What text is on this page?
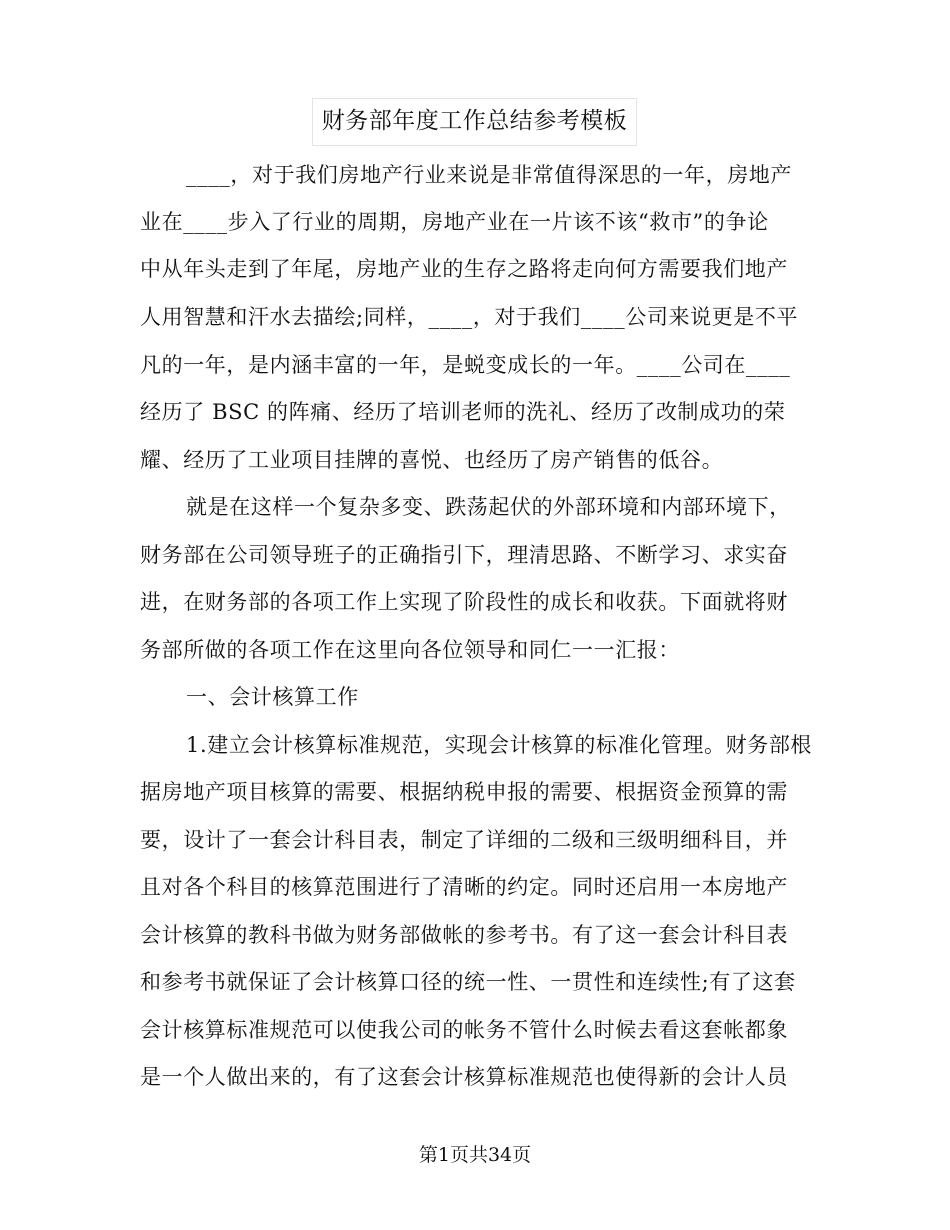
财务部年度工作总结参考模板
____，对于我们房地产行业来说是非常值得深思的一年，房地产
业在____步入了行业的周期，房地产业在一片该不该“救市”的争论
中从年头走到了年尾，房地产业的生存之路将走向何方需要我们地产
人用智慧和汗水去描绘;同样，____，对于我们____公司来说更是不平
凡的一年，是内涵丰富的一年，是蜕变成长的一年。____公司在____
经历了 BSC 的阵痛、经历了培训老师的洗礼、经历了改制成功的荣
耀、经历了工业项目挂牌的喜悦、也经历了房产销售的低谷。
就是在这样一个复杂多变、跌荡起伏的外部环境和内部环境下，
财务部在公司领导班子的正确指引下，理清思路、不断学习、求实奋
进，在财务部的各项工作上实现了阶段性的成长和收获。下面就将财
务部所做的各项工作在这里向各位领导和同仁一一汇报：
一、会计核算工作
1.建立会计核算标准规范，实现会计核算的标准化管理。财务部根
据房地产项目核算的需要、根据纳税申报的需要、根据资金预算的需
要，设计了一套会计科目表，制定了详细的二级和三级明细科目，并
且对各个科目的核算范围进行了清晰的约定。同时还启用一本房地产
会计核算的教科书做为财务部做帐的参考书。有了这一套会计科目表
和参考书就保证了会计核算口径的统一性、一贯性和连续性;有了这套
会计核算标准规范可以使我公司的帐务不管什么时候去看这套帐都象
是一个人做出来的，有了这套会计核算标准规范也使得新的会计人员
第1页共34页
